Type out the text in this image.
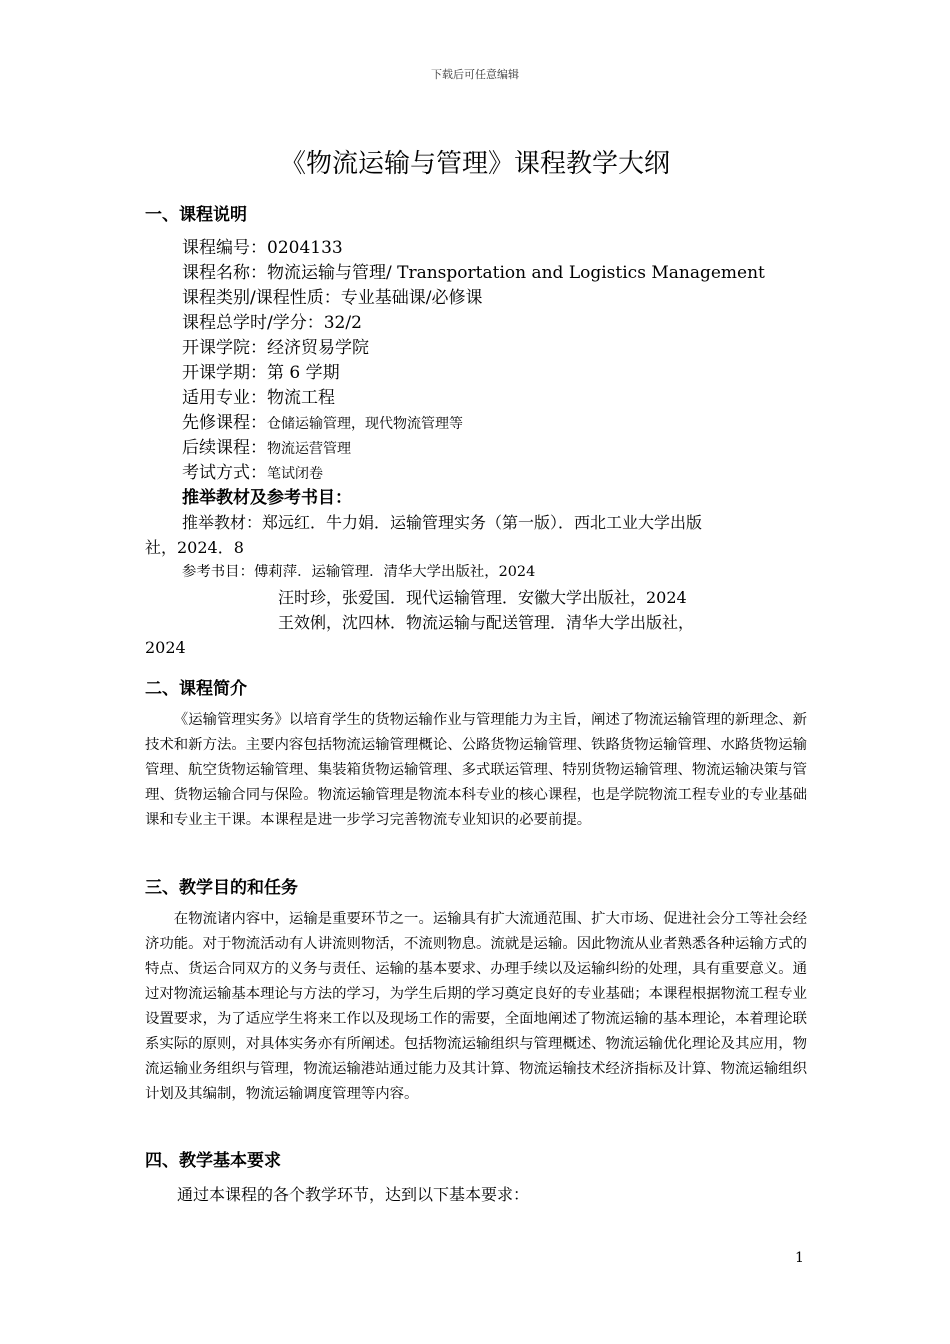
下载后可任意编辑
《物流运输与管理》课程教学大纲
一、课程说明
课程编号：0204133
课程名称：物流运输与管理/ Transportation and Logistics Management
课程类别/课程性质：专业基础课/必修课
课程总学时/学分：32/2
开课学院：经济贸易学院
开课学期：第 6 学期
适用专业：物流工程
先修课程：仓储运输管理，现代物流管理等
后续课程：物流运营管理
考试方式：笔试闭卷
推举教材及参考书目：
推举教材：郑远红．牛力娟．运输管理实务（第一版）．西北工业大学出版
社，2024．8
参考书目：傅莉萍．运输管理．清华大学出版社，2024
汪时珍，张爱国．现代运输管理．安徽大学出版社，2024
王效俐，沈四林．物流运输与配送管理．清华大学出版社，
2024
二、课程简介

《运输管理实务》以培育学生的货物运输作业与管理能力为主旨，阐述了物流运输管理的新理念、新技术和新方法。主要内容包括物流运输管理概论、公路货物运输管理、铁路货物运输管理、水路货物运输管理、航空货物运输管理、集装箱货物运输管理、多式联运管理、特别货物运输管理、物流运输决策与管理、货物运输合同与保险。物流运输管理是物流本科专业的核心课程，也是学院物流工程专业的专业基础课和专业主干课。本课程是进一步学习完善物流专业知识的必要前提。

三、教学目的和任务

在物流诸内容中，运输是重要环节之一。运输具有扩大流通范围、扩大市场、促进社会分工等社会经济功能。对于物流活动有人讲流则物活，不流则物息。流就是运输。因此物流从业者熟悉各种运输方式的特点、货运合同双方的义务与责任、运输的基本要求、办理手续以及运输纠纷的处理，具有重要意义。通过对物流运输基本理论与方法的学习，为学生后期的学习奠定良好的专业基础；本课程根据物流工程专业设置要求，为了适应学生将来工作以及现场工作的需要，全面地阐述了物流运输的基本理论，本着理论联系实际的原则，对具体实务亦有所阐述。包括物流运输组织与管理概述、物流运输优化理论及其应用，物流运输业务组织与管理，物流运输港站通过能力及其计算、物流运输技术经济指标及计算、物流运输组织计划及其编制，物流运输调度管理等内容。

四、教学基本要求

通过本课程的各个教学环节，达到以下基本要求：

1
